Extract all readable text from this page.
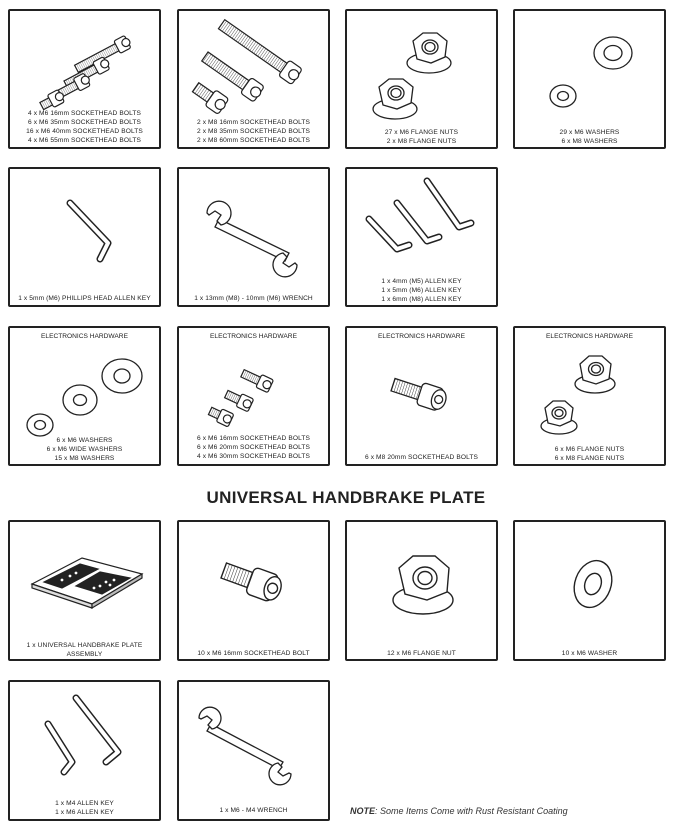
4 x M6 16mm SOCKETHEAD BOLTS
6 x M6 35mm SOCKETHEAD BOLTS
16 x M6 40mm SOCKETHEAD BOLTS
4 x M6 55mm SOCKETHEAD BOLTS
2 x M8 16mm SOCKETHEAD BOLTS
2 x M8 35mm SOCKETHEAD BOLTS
2 x M8 60mm SOCKETHEAD BOLTS
27 x M6 FLANGE NUTS
2 x M8 FLANGE NUTS
29 x M6 WASHERS
6 x M8 WASHERS
1 x 5mm (M6) PHILLIPS HEAD ALLEN KEY	1 x 13mm (M8) - 10mm (M6) WRENCH
1 x 4mm (M5) ALLEN KEY
1 x 5mm (M6) ALLEN KEY
1 x 6mm (M8) ALLEN KEY
ELECTRONICS HARDWARE
6 x M6 WASHERS
6 x M6 WIDE WASHERS
15 x M8 WASHERS
ELECTRONICS HARDWARE
6 x M6 16mm SOCKETHEAD BOLTS
6 x M6 20mm SOCKETHEAD BOLTS
4 x M6 30mm SOCKETHEAD BOLTS
ELECTRONICS HARDWARE
6 x M8 20mm SOCKETHEAD BOLTS
ELECTRONICS HARDWARE
6 x M6 FLANGE NUTS
6 x M8 FLANGE NUTS
UNIVERSAL HANDBRAKE PLATE
1 x UNIVERSAL HANDBRAKE PLATE
ASSEMBLY	10 x M6 16mm SOCKETHEAD BOLT	12 x M6 FLANGE NUT	10 x M6 WASHER
1 x M4 ALLEN KEY
1 x M6 ALLEN KEY	1 x M6 - M4 WRENCH	NOTE: Some Items Come with Rust Resistant Coating
